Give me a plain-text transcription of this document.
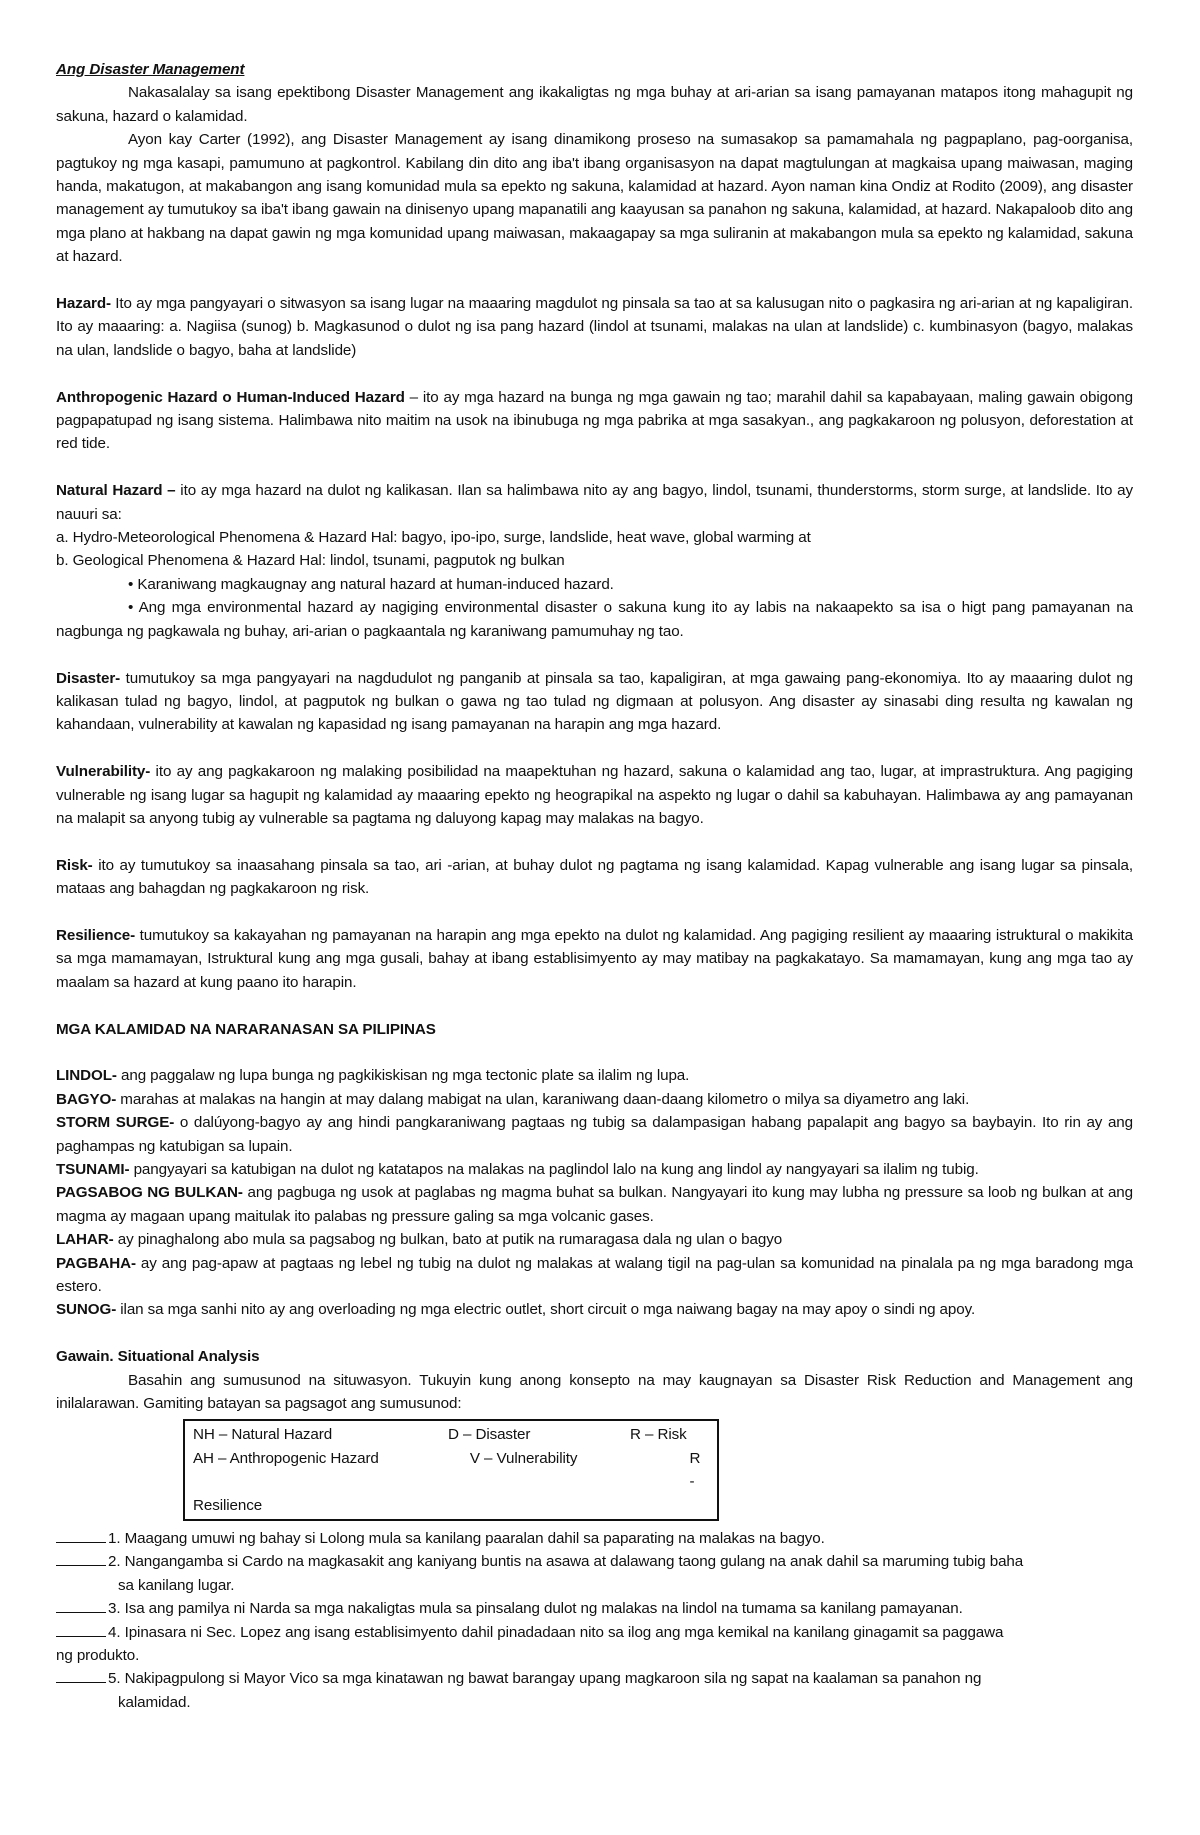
Ang Disaster Management

Nakasalalay sa isang epektibong Disaster Management ang ikakaligtas ng mga buhay at ari-arian sa isang pamayanan matapos itong mahagupit ng sakuna, hazard o kalamidad.

Ayon kay Carter (1992), ang Disaster Management ay isang dinamikong proseso na sumasakop sa pamamahala ng pagpaplano, pag-oorganisa, pagtukoy ng mga kasapi, pamumuno at pagkontrol. Kabilang din dito ang iba't ibang organisasyon na dapat magtulungan at magkaisa upang maiwasan, maging handa, makatugon, at makabangon ang isang komunidad mula sa epekto ng sakuna, kalamidad at hazard. Ayon naman kina Ondiz at Rodito (2009), ang disaster management ay tumutukoy sa iba't ibang gawain na dinisenyo upang mapanatili ang kaayusan sa panahon ng sakuna, kalamidad, at hazard. Nakapaloob dito ang mga plano at hakbang na dapat gawin ng mga komunidad upang maiwasan, makaagapay sa mga suliranin at makabangon mula sa epekto ng kalamidad, sakuna at hazard.

Hazard- Ito ay mga pangyayari o sitwasyon sa isang lugar na maaaring magdulot ng pinsala sa tao at sa kalusugan nito o pagkasira ng ari-arian at ng kapaligiran. Ito ay maaaring: a. Nagiisa (sunog) b. Magkasunod o dulot ng isa pang hazard (lindol at tsunami, malakas na ulan at landslide) c. kumbinasyon (bagyo, malakas na ulan, landslide o bagyo, baha at landslide)

Anthropogenic Hazard o Human-Induced Hazard – ito ay mga hazard na bunga ng mga gawain ng tao; marahil dahil sa kapabayaan, maling gawain obigong pagpapatupad ng isang sistema. Halimbawa nito maitim na usok na ibinubuga ng mga pabrika at mga sasakyan., ang pagkakaroon ng polusyon, deforestation at red tide.

Natural Hazard – ito ay mga hazard na dulot ng kalikasan. Ilan sa halimbawa nito ay ang bagyo, lindol, tsunami, thunderstorms, storm surge, at landslide. Ito ay nauuri sa:

a. Hydro-Meteorological Phenomena & Hazard Hal: bagyo, ipo-ipo, surge, landslide, heat wave, global warming at

b. Geological Phenomena & Hazard Hal: lindol, tsunami, pagputok ng bulkan

• Karaniwang magkaugnay ang natural hazard at human-induced hazard.

• Ang mga environmental hazard ay nagiging environmental disaster o sakuna kung ito ay labis na nakaapekto sa isa o higt pang pamayanan na nagbunga ng pagkawala ng buhay, ari-arian o pagkaantala ng karaniwang pamumuhay ng tao.

Disaster- tumutukoy sa mga pangyayari na nagdudulot ng panganib at pinsala sa tao, kapaligiran, at mga gawaing pang-ekonomiya. Ito ay maaaring dulot ng kalikasan tulad ng bagyo, lindol, at pagputok ng bulkan o gawa ng tao tulad ng digmaan at polusyon. Ang disaster ay sinasabi ding resulta ng kawalan ng kahandaan, vulnerability at kawalan ng kapasidad ng isang pamayanan na harapin ang mga hazard.

Vulnerability- ito ay ang pagkakaroon ng malaking posibilidad na maapektuhan ng hazard, sakuna o kalamidad ang tao, lugar, at imprastruktura. Ang pagiging vulnerable ng isang lugar sa hagupit ng kalamidad ay maaaring epekto ng heograpikal na aspekto ng lugar o dahil sa kabuhayan. Halimbawa ay ang pamayanan na malapit sa anyong tubig ay vulnerable sa pagtama ng daluyong kapag may malakas na bagyo.

Risk- ito ay tumutukoy sa inaasahang pinsala sa tao, ari -arian, at buhay dulot ng pagtama ng isang kalamidad. Kapag vulnerable ang isang lugar sa pinsala, mataas ang bahagdan ng pagkakaroon ng risk.

Resilience- tumutukoy sa kakayahan ng pamayanan na harapin ang mga epekto na dulot ng kalamidad. Ang pagiging resilient ay maaaring istruktural o makikita sa mga mamamayan, Istruktural kung ang mga gusali, bahay at ibang establisimyento ay may matibay na pagkakatayo. Sa mamamayan, kung ang mga tao ay maalam sa hazard at kung paano ito harapin.

MGA KALAMIDAD NA NARARANASAN SA PILIPINAS

LINDOL- ang paggalaw ng lupa bunga ng pagkikiskisan ng mga tectonic plate sa ilalim ng lupa.

BAGYO- marahas at malakas na hangin at may dalang mabigat na ulan, karaniwang daan-daang kilometro o milya sa diyametro ang laki.

STORM SURGE- o dalúyong-bagyo ay ang hindi pangkaraniwang pagtaas ng tubig sa dalampasigan habang papalapit ang bagyo sa baybayin. Ito rin ay ang paghampas ng katubigan sa lupain.

TSUNAMI- pangyayari sa katubigan na dulot ng katatapos na malakas na paglindol lalo na kung ang lindol ay nangyayari sa ilalim ng tubig.

PAGSABOG NG BULKAN- ang pagbuga ng usok at paglabas ng magma buhat sa bulkan. Nangyayari ito kung may lubha ng pressure sa loob ng bulkan at ang magma ay magaan upang maitulak ito palabas ng pressure galing sa mga volcanic gases.

LAHAR- ay pinaghalong abo mula sa pagsabog ng bulkan, bato at putik na rumaragasa dala ng ulan o bagyo

PAGBAHA- ay ang pag-apaw at pagtaas ng lebel ng tubig na dulot ng malakas at walang tigil na pag-ulan sa komunidad na pinalala pa ng mga baradong mga estero.

SUNOG- ilan sa mga sanhi nito ay ang overloading ng mga electric outlet, short circuit o mga naiwang bagay na may apoy o sindi ng apoy.

Gawain. Situational Analysis

Basahin ang sumusunod na situwasyon. Tukuyin kung anong konsepto na may kaugnayan sa Disaster Risk Reduction and Management ang inilalarawan. Gamiting batayan sa pagsagot ang sumusunod:

NH – Natural Hazard	D – Disaster	R – Risk
AH – Anthropogenic Hazard	V – Vulnerability	R -
Resilience

1. Maagang umuwi ng bahay si Lolong mula sa kanilang paaralan dahil sa paparating na malakas na bagyo.

2. Nangangamba si Cardo na magkasakit ang kaniyang buntis na asawa at dalawang taong gulang na anak dahil sa maruming tubig baha
sa kanilang lugar.

3. Isa ang pamilya ni Narda sa mga nakaligtas mula sa pinsalang dulot ng malakas na lindol na tumama sa kanilang pamayanan.

4. Ipinasara ni Sec. Lopez ang isang establisimyento dahil pinadadaan nito sa ilog ang mga kemikal na kanilang ginagamit sa paggawa
ng produkto.

5. Nakipagpulong si Mayor Vico sa mga kinatawan ng bawat barangay upang magkaroon sila ng sapat na kaalaman sa panahon ng
kalamidad.
